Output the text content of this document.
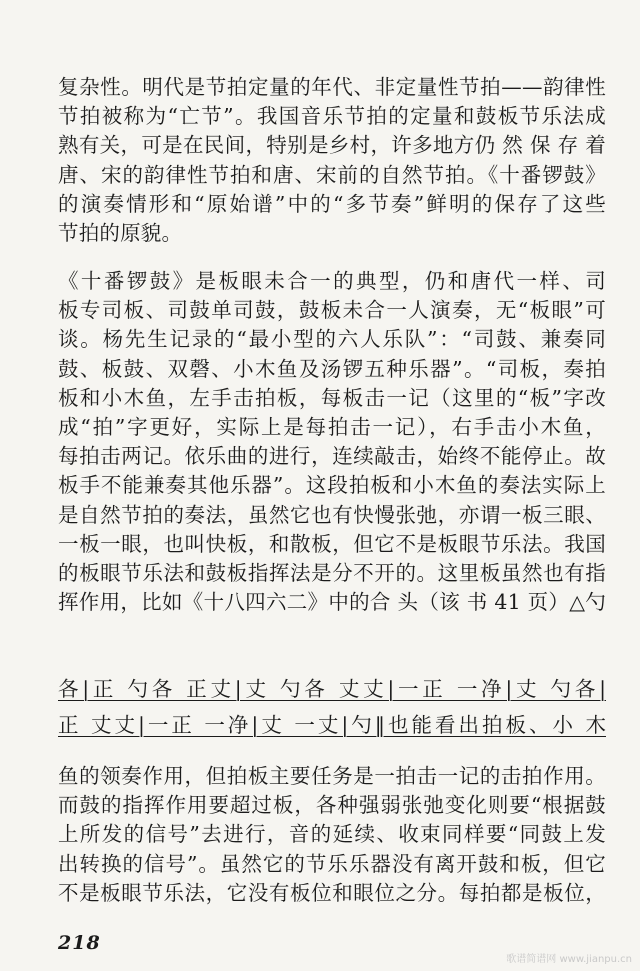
复杂性。明代是节拍定量的年代、非定量性节拍——韵律性
节拍被称为“亡节”。我国音乐节拍的定量和鼓板节乐法成
熟有关，可是在民间，特别是乡村，许多地方仍 然 保 存 着
唐、宋的韵律性节拍和唐、宋前的自然节拍。《十番锣鼓》
的演奏情形和“原始谱”中的“多节奏”鲜明的保存了这些
节拍的原貌。
《十番锣鼓》是板眼未合一的典型，仍和唐代一样、司
板专司板、司鼓单司鼓，鼓板未合一人演奏，无“板眼”可
谈。杨先生记录的“最小型的六人乐队”：“司鼓、兼奏同
鼓、板鼓、双磬、小木鱼及汤锣五种乐器”。“司板，奏拍
板和小木鱼，左手击拍板，每板击一记（这里的“板”字改
成“拍”字更好，实际上是每拍击一记），右手击小木鱼，
每拍击两记。依乐曲的进行，连续敲击，始终不能停止。故
板手不能兼奏其他乐器”。这段拍板和小木鱼的奏法实际上
是自然节拍的奏法，虽然它也有快慢张弛，亦谓一板三眼、
一板一眼，也叫快板，和散板，但它不是板眼节乐法。我国
的板眼节乐法和鼓板指挥法是分不开的。这里板虽然也有指
挥作用，比如《十八四六二》中的合 头（该 书 41 页）△勺
各|正 勺各 正丈|丈 勺各 丈丈|一正 一净|丈 勺各|
正 丈丈|一正 一净|丈 一丈|勺‖也能看出拍板、小 木
鱼的领奏作用，但拍板主要任务是一拍击一记的击拍作用。
而鼓的指挥作用要超过板，各种强弱张弛变化则要“根据鼓
上所发的信号”去进行，音的延续、收束同样要“同鼓上发
出转换的信号”。虽然它的节乐乐器没有离开鼓和板，但它
不是板眼节乐法，它没有板位和眼位之分。每拍都是板位，
218
歌谱简谱网 www.jianpu.cn
